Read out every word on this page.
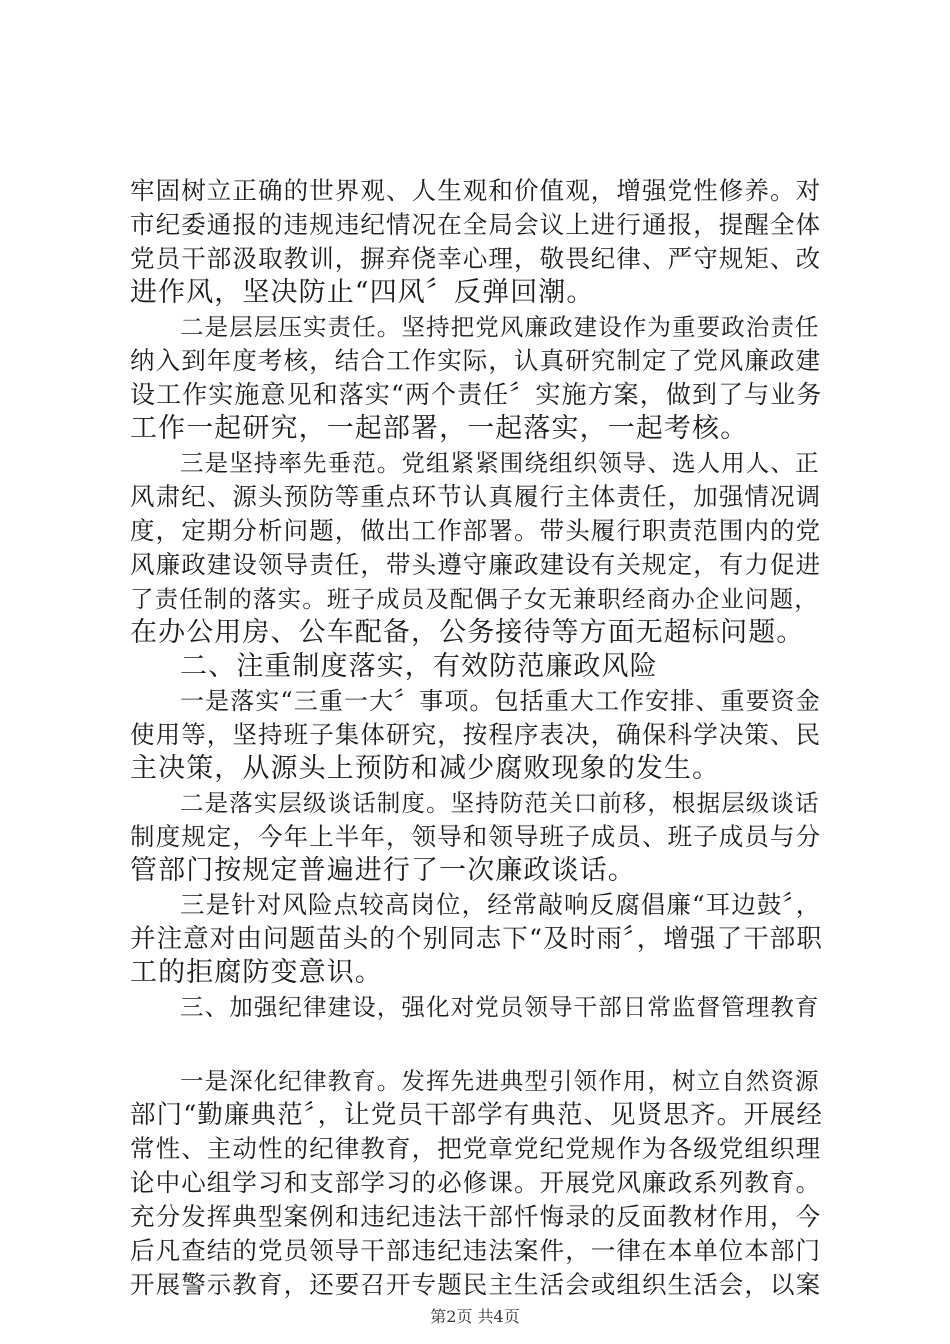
牢固树立正确的世界观、人生观和价值观，增强党性修养。对
市纪委通报的违规违纪情况在全局会议上进行通报，提醒全体
党员干部汲取教训，摒弃侥幸心理，敬畏纪律、严守规矩、改
进作风，坚决防止“四风〞反弹回潮。
二是层层压实责任。坚持把党风廉政建设作为重要政治责任
纳入到年度考核，结合工作实际，认真研究制定了党风廉政建
设工作实施意见和落实“两个责任〞实施方案，做到了与业务
工作一起研究，一起部署，一起落实，一起考核。
三是坚持率先垂范。党组紧紧围绕组织领导、选人用人、正
风肃纪、源头预防等重点环节认真履行主体责任，加强情况调
度，定期分析问题，做出工作部署。带头履行职责范围内的党
风廉政建设领导责任，带头遵守廉政建设有关规定，有力促进
了责任制的落实。班子成员及配偶子女无兼职经商办企业问题，
在办公用房、公车配备，公务接待等方面无超标问题。
二、注重制度落实，有效防范廉政风险
一是落实“三重一大〞事项。包括重大工作安排、重要资金
使用等，坚持班子集体研究，按程序表决，确保科学决策、民
主决策，从源头上预防和减少腐败现象的发生。
二是落实层级谈话制度。坚持防范关口前移，根据层级谈话
制度规定，今年上半年，领导和领导班子成员、班子成员与分
管部门按规定普遍进行了一次廉政谈话。
三是针对风险点较高岗位，经常敲响反腐倡廉“耳边鼓〞，
并注意对由问题苗头的个别同志下“及时雨〞，增强了干部职
工的拒腐防变意识。
三、加强纪律建设，强化对党员领导干部日常监督管理教育
一是深化纪律教育。发挥先进典型引领作用，树立自然资源
部门“勤廉典范〞，让党员干部学有典范、见贤思齐。开展经
常性、主动性的纪律教育，把党章党纪党规作为各级党组织理
论中心组学习和支部学习的必修课。开展党风廉政系列教育。
充分发挥典型案例和违纪违法干部忏悔录的反面教材作用，今
后凡查结的党员领导干部违纪违法案件，一律在本单位本部门
开展警示教育，还要召开专题民主生活会或组织生活会，以案
第2页 共4页
